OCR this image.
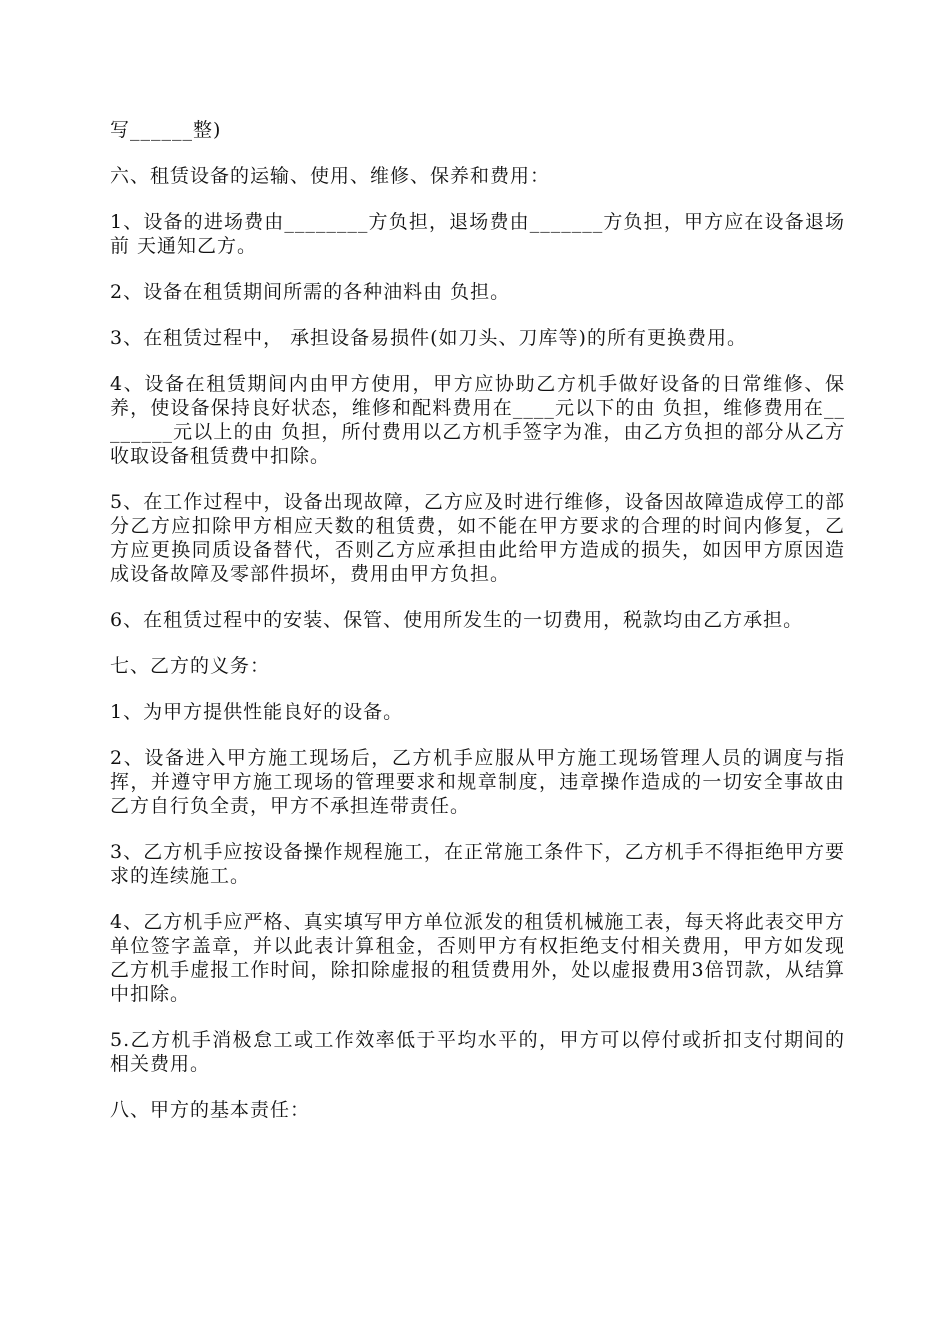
写______整)

六、租赁设备的运输、使用、维修、保养和费用：

1、设备的进场费由________方负担，退场费由_______方负担，甲方应在设备退场前 天通知乙方。

2、设备在租赁期间所需的各种油料由 负担。

3、在租赁过程中， 承担设备易损件(如刀头、刀库等)的所有更换费用。

4、设备在租赁期间内由甲方使用，甲方应协助乙方机手做好设备的日常维修、保养，使设备保持良好状态，维修和配料费用在____元以下的由 负担，维修费用在________元以上的由 负担，所付费用以乙方机手签字为准，由乙方负担的部分从乙方收取设备租赁费中扣除。

5、在工作过程中，设备出现故障，乙方应及时进行维修，设备因故障造成停工的部分乙方应扣除甲方相应天数的租赁费，如不能在甲方要求的合理的时间内修复，乙方应更换同质设备替代，否则乙方应承担由此给甲方造成的损失，如因甲方原因造成设备故障及零部件损坏，费用由甲方负担。

6、在租赁过程中的安装、保管、使用所发生的一切费用，税款均由乙方承担。

七、乙方的义务：

1、为甲方提供性能良好的设备。

2、设备进入甲方施工现场后，乙方机手应服从甲方施工现场管理人员的调度与指挥，并遵守甲方施工现场的管理要求和规章制度，违章操作造成的一切安全事故由乙方自行负全责，甲方不承担连带责任。

3、乙方机手应按设备操作规程施工，在正常施工条件下，乙方机手不得拒绝甲方要求的连续施工。

4、乙方机手应严格、真实填写甲方单位派发的租赁机械施工表，每天将此表交甲方单位签字盖章，并以此表计算租金，否则甲方有权拒绝支付相关费用，甲方如发现乙方机手虚报工作时间，除扣除虚报的租赁费用外，处以虚报费用3倍罚款，从结算中扣除。

5.乙方机手消极怠工或工作效率低于平均水平的，甲方可以停付或折扣支付期间的相关费用。

八、甲方的基本责任：
